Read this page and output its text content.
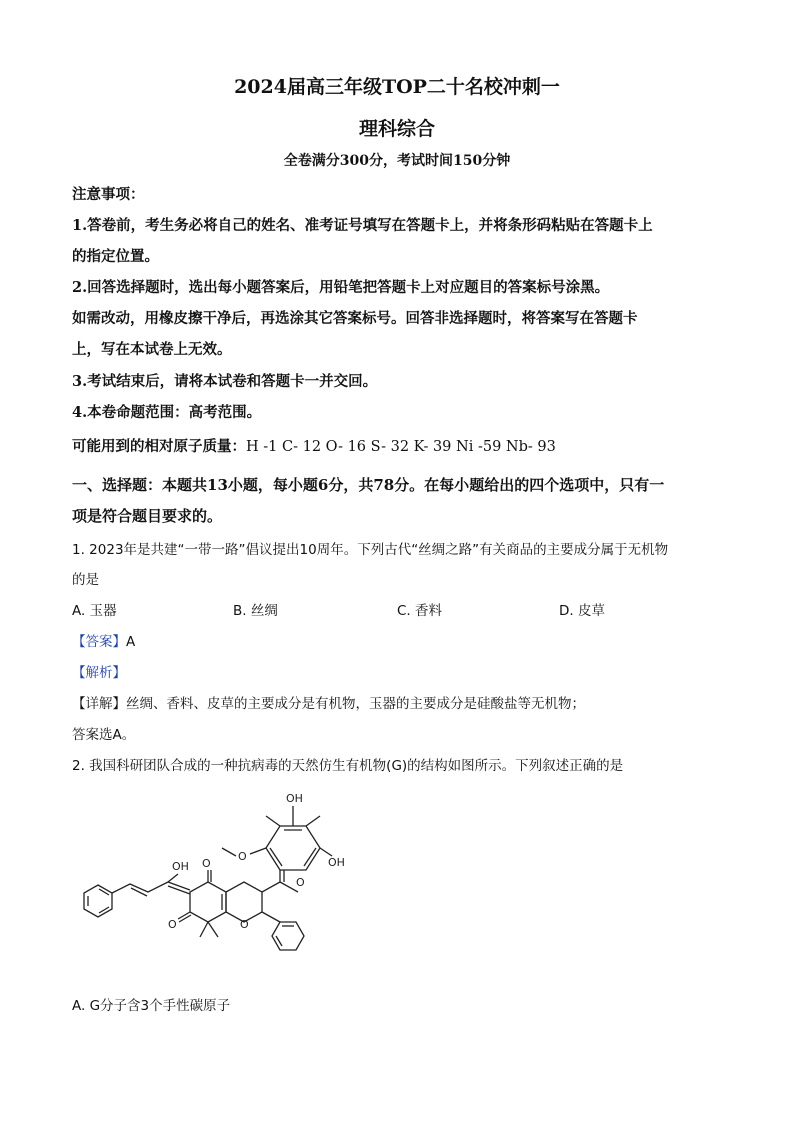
2024届高三年级TOP二十名校冲刺一
理科综合
全卷满分300分，考试时间150分钟
注意事项：
1.答卷前，考生务必将自己的姓名、准考证号填写在答题卡上，并将条形码粘贴在答题卡上
的指定位置。
2.回答选择题时，选出每小题答案后，用铅笔把答题卡上对应题目的答案标号涂黑。
如需改动，用橡皮擦干净后，再选涂其它答案标号。回答非选择题时，将答案写在答题卡
上，写在本试卷上无效。
3.考试结束后，请将本试卷和答题卡一并交回。
4.本卷命题范围：高考范围。
可能用到的相对原子质量：H -1 C- 12 O- 16 S- 32 K- 39 Ni -59 Nb- 93
一、选择题：本题共13小题，每小题6分，共78分。在每小题给出的四个选项中，只有一
项是符合题目要求的。
1. 2023年是共建“一带一路”倡议提出10周年。下列古代“丝绸之路”有关商品的主要成分属于无机物
的是
A. 玉器	B. 丝绸	C. 香料	D. 皮草
【答案】A
【解析】
【详解】丝绸、香料、皮草的主要成分是有机物，玉器的主要成分是硅酸盐等无机物；
答案选A。
2. 我国科研团队合成的一种抗病毒的天然仿生有机物(G)的结构如图所示。下列叙述正确的是
OH O
O	O
O
OH
OH
O
A. G分子含3个手性碳原子
